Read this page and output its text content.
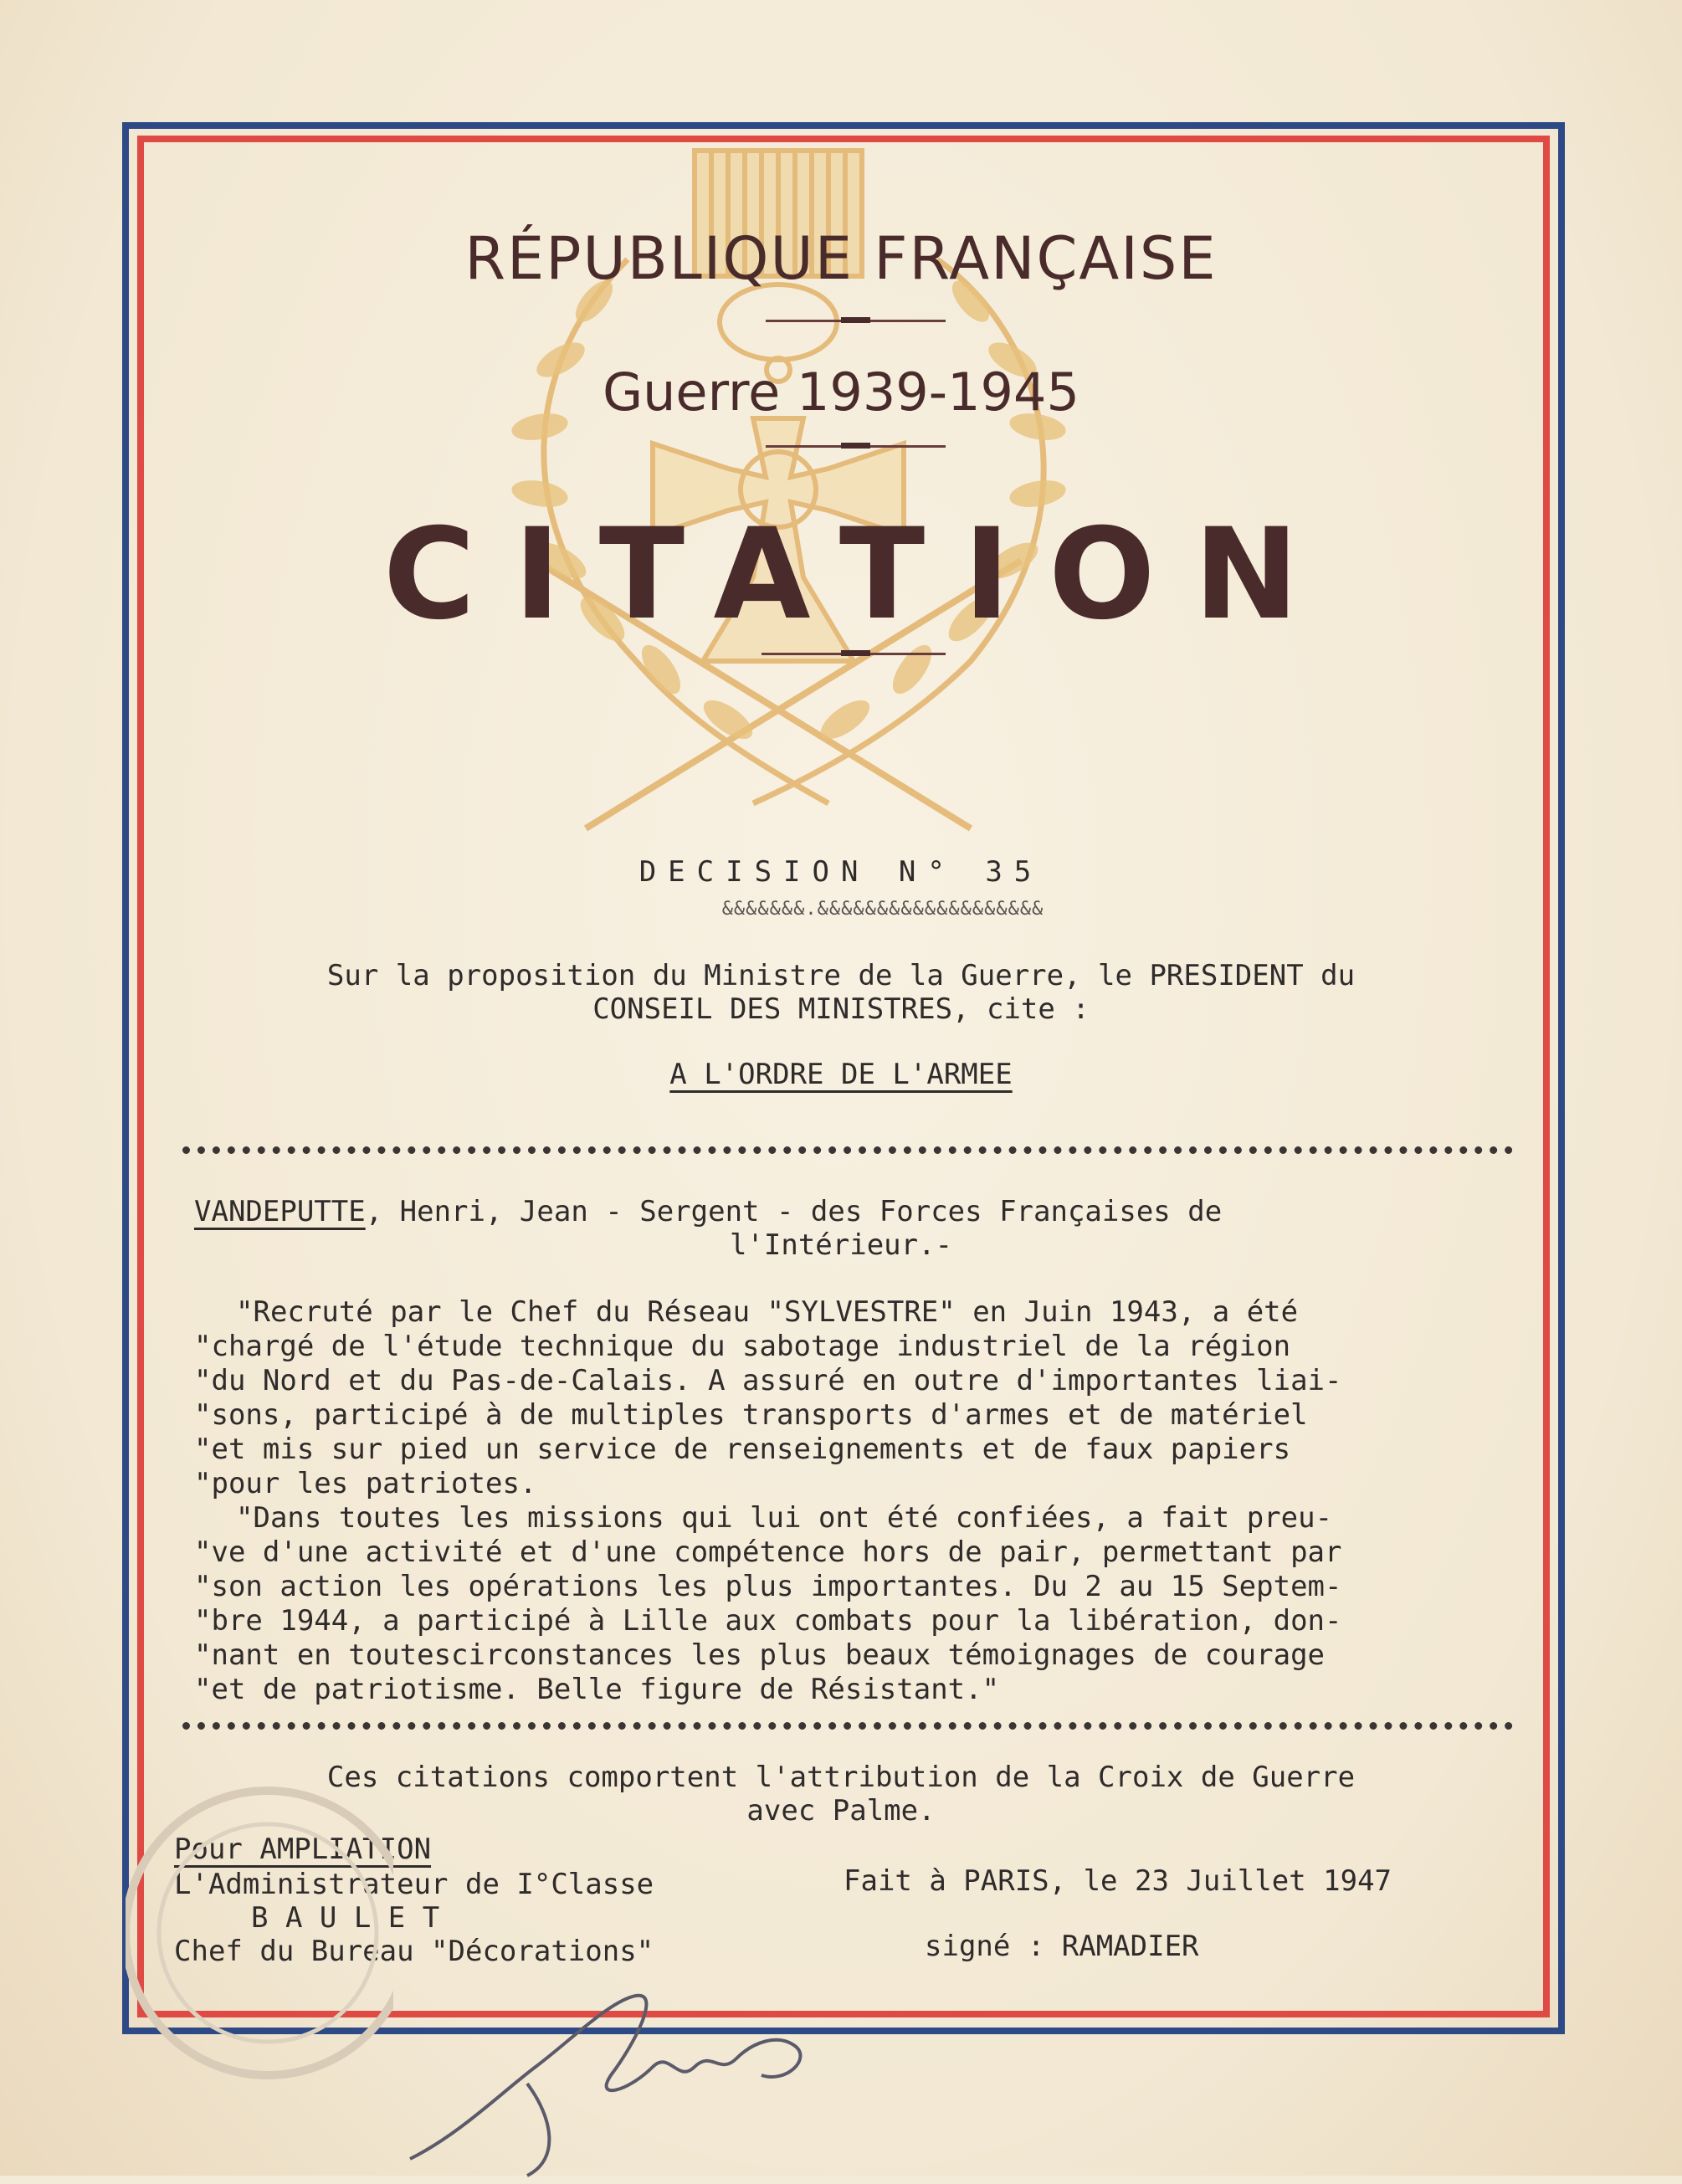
RÉPUBLIQUE FRANÇAISE
Guerre 1939-1945
CITATION
DECISION N° 35
&&&&&&&.&&&&&&&&&&&&&&&&&&&
Sur la proposition du Ministre de la Guerre, le PRESIDENT du
CONSEIL DES MINISTRES, cite :
A L'ORDRE DE L'ARMEE
VANDEPUTTE, Henri, Jean - Sergent - des Forces Françaises de
l'Intérieur.-
"Recruté par le Chef du Réseau "SYLVESTRE" en Juin 1943, a été
"chargé de l'étude technique du sabotage industriel de la région
"du Nord et du Pas-de-Calais. A assuré en outre d'importantes liai-
"sons, participé à de multiples transports d'armes et de matériel
"et mis sur pied un service de renseignements et de faux papiers
"pour les patriotes.
"Dans toutes les missions qui lui ont été confiées, a fait preu-
"ve d'une activité et d'une compétence hors de pair, permettant par
"son action les opérations les plus importantes. Du 2 au 15 Septem-
"bre 1944, a participé à Lille aux combats pour la libération, don-
"nant en toutescirconstances les plus beaux témoignages de courage
"et de patriotisme. Belle figure de Résistant."
Ces citations comportent l'attribution de la Croix de Guerre
avec Palme.
Pour AMPLIATION
L'Administrateur de I°Classe
B A U L E T
Chef du Bureau "Décorations"
Fait à PARIS, le 23 Juillet 1947
signé : RAMADIER
